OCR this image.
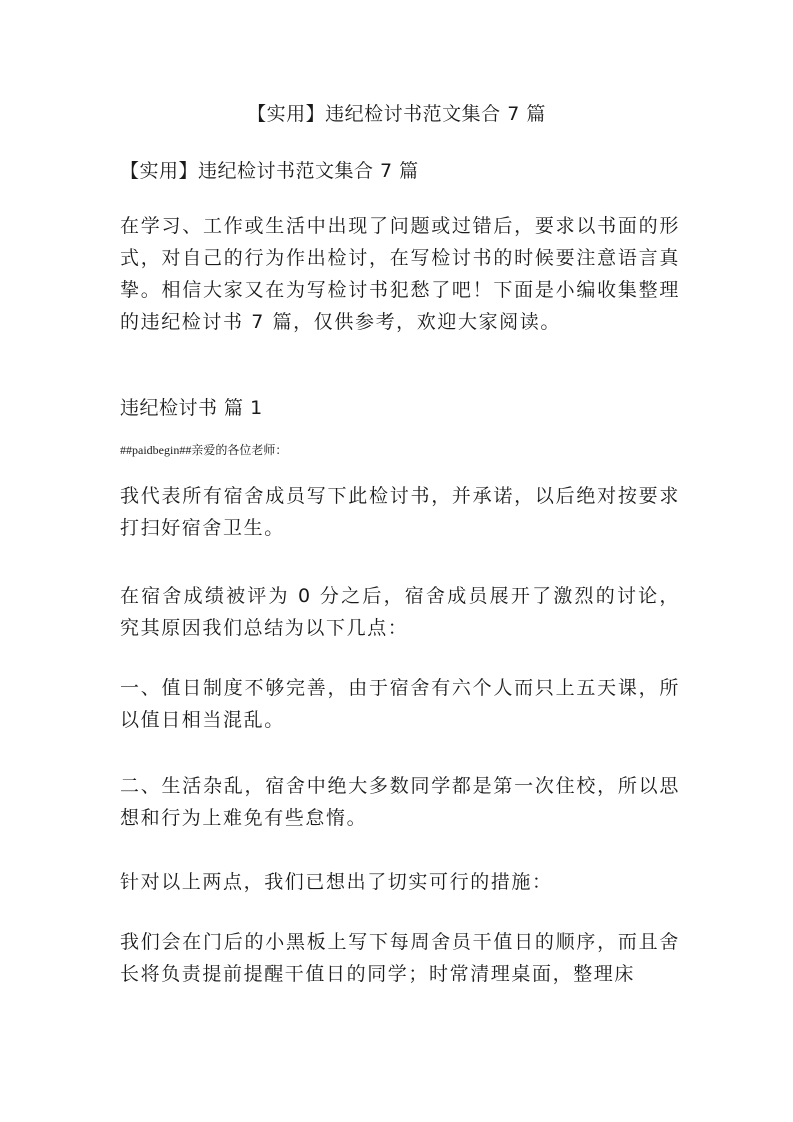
【实用】违纪检讨书范文集合 7 篇
【实用】违纪检讨书范文集合 7 篇

在学习、工作或生活中出现了问题或过错后，要求以书面的形式，对自己的行为作出检讨，在写检讨书的时候要注意语言真挚。相信大家又在为写检讨书犯愁了吧！下面是小编收集整理的违纪检讨书 7 篇，仅供参考，欢迎大家阅读。

违纪检讨书 篇 1

##paidbegin##亲爱的各位老师：

我代表所有宿舍成员写下此检讨书，并承诺，以后绝对按要求打扫好宿舍卫生。

在宿舍成绩被评为 0 分之后，宿舍成员展开了激烈的讨论，究其原因我们总结为以下几点：

一、值日制度不够完善，由于宿舍有六个人而只上五天课，所以值日相当混乱。

二、生活杂乱，宿舍中绝大多数同学都是第一次住校，所以思想和行为上难免有些怠惰。

针对以上两点，我们已想出了切实可行的措施：

我们会在门后的小黑板上写下每周舍员干值日的顺序，而且舍长将负责提前提醒干值日的同学；时常清理桌面，整理床
